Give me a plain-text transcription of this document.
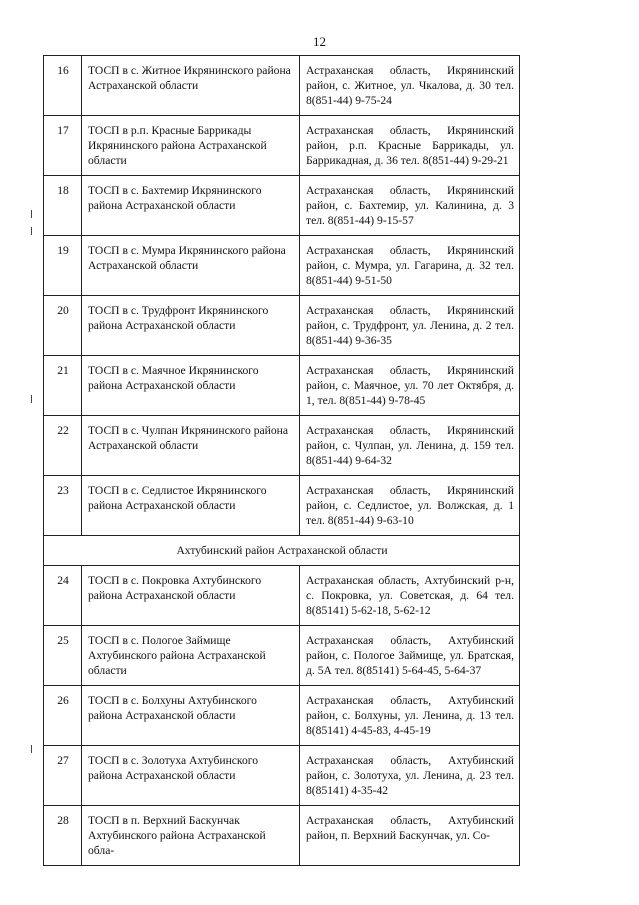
12
16	ТОСП в с. Житное Икрянинского района Астраханской области	Астраханская область, Икрянинский район, с. Житное, ул. Чкалова, д. 30 тел. 8(851-44) 9-75-24
17	ТОСП в р.п. Красные Баррикады Икрянинского района Астраханской области	Астраханская область, Икрянинский район, р.п. Красные Баррикады, ул. Баррикадная, д. 36 тел. 8(851-44) 9-29-21
18	ТОСП в с. Бахтемир Икрянинского района Астраханской области	Астраханская область, Икрянинский район, с. Бахтемир, ул. Калинина, д. 3 тел. 8(851-44) 9-15-57
19	ТОСП в с. Мумра Икрянинского района Астраханской области	Астраханская область, Икрянинский район, с. Мумра, ул. Гагарина, д. 32 тел. 8(851-44) 9-51-50
20	ТОСП в с. Трудфронт Икрянинского района Астраханской области	Астраханская область, Икрянинский район, с. Трудфронт, ул. Ленина, д. 2 тел. 8(851-44) 9-36-35
21	ТОСП в с. Маячное Икрянинского района Астраханской области	Астраханская область, Икрянинский район, с. Маячное, ул. 70 лет Октября, д. 1, тел. 8(851-44) 9-78-45
22	ТОСП в с. Чулпан Икрянинского района Астраханской области	Астраханская область, Икрянинский район, с. Чулпан, ул. Ленина, д. 159 тел. 8(851-44) 9-64-32
23	ТОСП в с. Седлистое Икрянинского района Астраханской области	Астраханская область, Икрянинский район, с. Седлистое, ул. Волжская, д. 1 тел. 8(851-44) 9-63-10
Ахтубинский район Астраханской области		
24	ТОСП в с. Покровка Ахтубинского района Астраханской области	Астраханская область, Ахтубинский р-н, с. Покровка, ул. Советская, д. 64 тел. 8(85141) 5-62-18, 5-62-12
25	ТОСП в с. Пологое Займище Ахтубинского района Астраханской области	Астраханская область, Ахтубинский район, с. Пологое Займище, ул. Братская, д. 5А тел. 8(85141) 5-64-45, 5-64-37
26	ТОСП в с. Болхуны Ахтубинского района Астраханской области	Астраханская область, Ахтубинский район, с. Болхуны, ул. Ленина, д. 13 тел. 8(85141) 4-45-83, 4-45-19
27	ТОСП в с. Золотуха Ахтубинского района Астраханской области	Астраханская область, Ахтубинский район, с. Золотуха, ул. Ленина, д. 23 тел. 8(85141) 4-35-42
28	ТОСП в п. Верхний Баскунчак Ахтубинского района Астраханской обла-	Астраханская область, Ахтубинский район, п. Верхний Баскунчак, ул. Со-
